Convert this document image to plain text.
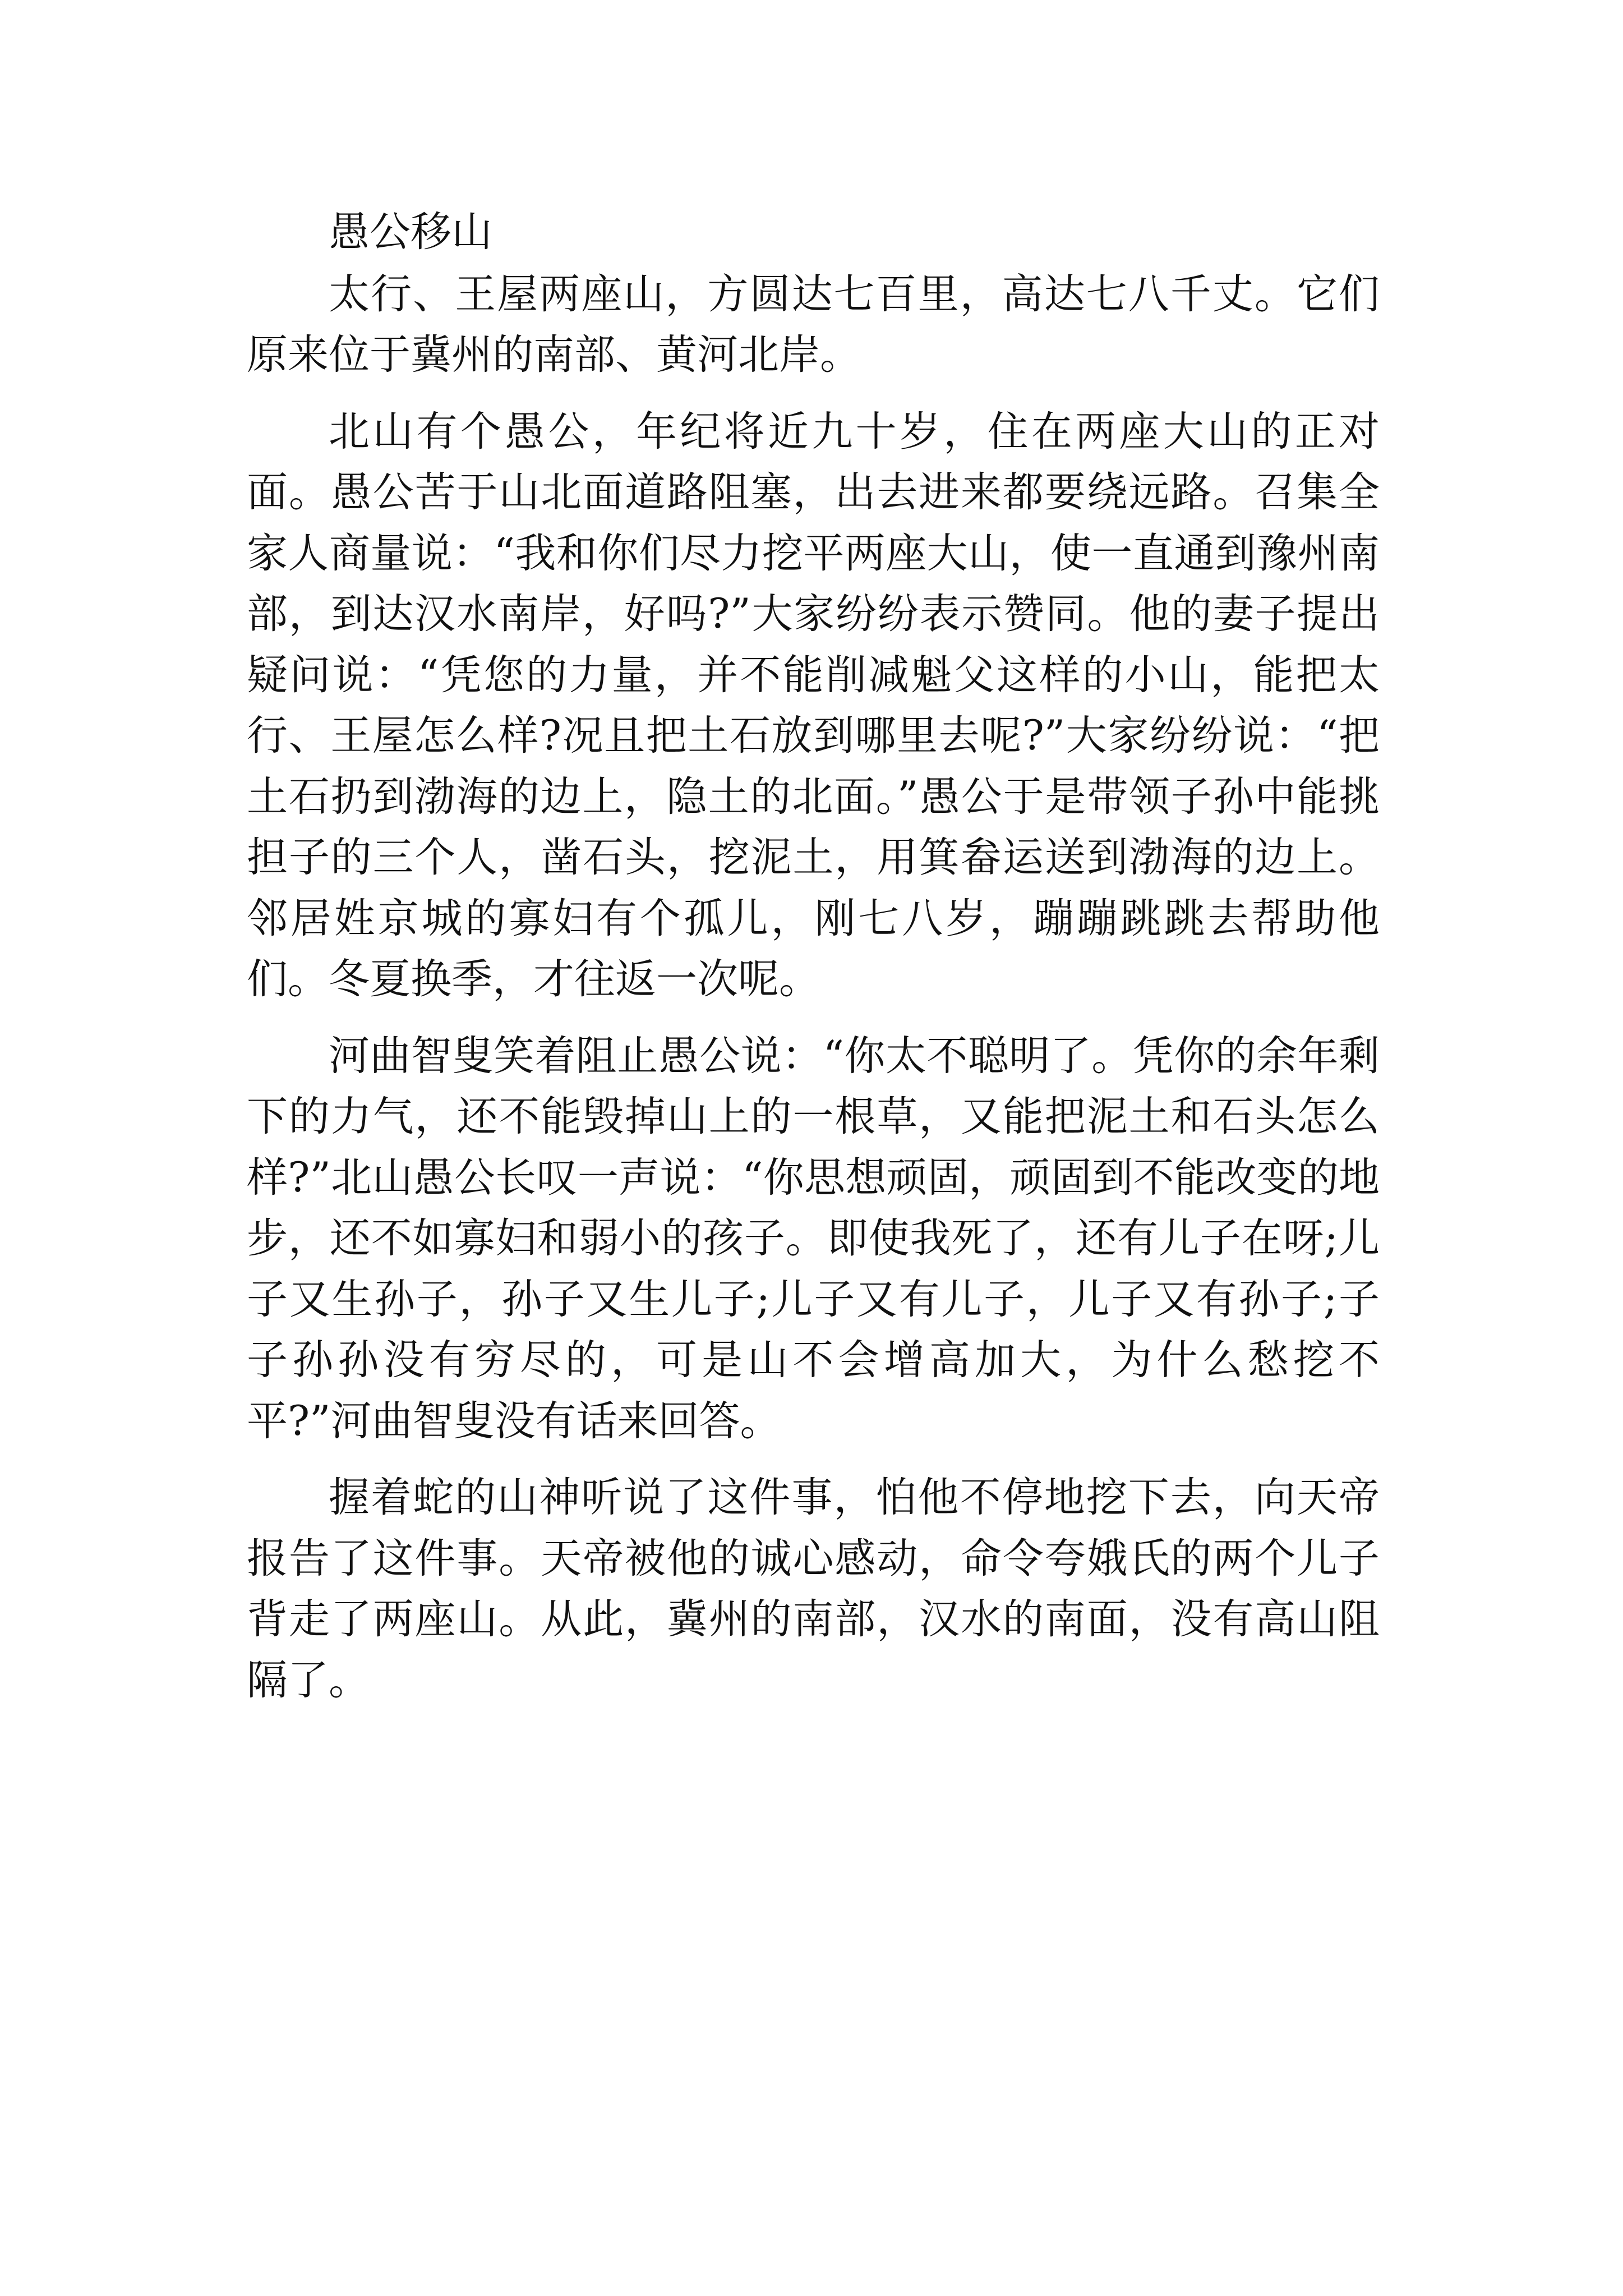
愚公移山

太行、王屋两座山，方圆达七百里，高达七八千丈。它们原来位于冀州的南部、黄河北岸。

北山有个愚公，年纪将近九十岁，住在两座大山的正对面。愚公苦于山北面道路阻塞，出去进来都要绕远路。召集全家人商量说：“我和你们尽力挖平两座大山，使一直通到豫州南部，到达汉水南岸，好吗?”大家纷纷表示赞同。他的妻子提出疑问说：“凭您的力量，并不能削减魁父这样的小山，能把太行、王屋怎么样?况且把土石放到哪里去呢?”大家纷纷说：“把土石扔到渤海的边上，隐土的北面。”愚公于是带领子孙中能挑担子的三个人，凿石头，挖泥土，用箕畚运送到渤海的边上。邻居姓京城的寡妇有个孤儿，刚七八岁，蹦蹦跳跳去帮助他们。冬夏换季，才往返一次呢。

河曲智叟笑着阻止愚公说：“你太不聪明了。凭你的余年剩下的力气，还不能毁掉山上的一根草，又能把泥土和石头怎么样?”北山愚公长叹一声说：“你思想顽固，顽固到不能改变的地步，还不如寡妇和弱小的孩子。即使我死了，还有儿子在呀;儿子又生孙子，孙子又生儿子;儿子又有儿子，儿子又有孙子;子子孙孙没有穷尽的，可是山不会增高加大，为什么愁挖不平?”河曲智叟没有话来回答。

握着蛇的山神听说了这件事，怕他不停地挖下去，向天帝报告了这件事。天帝被他的诚心感动，命令夸娥氏的两个儿子背走了两座山。从此，冀州的南部，汉水的南面，没有高山阻隔了。
